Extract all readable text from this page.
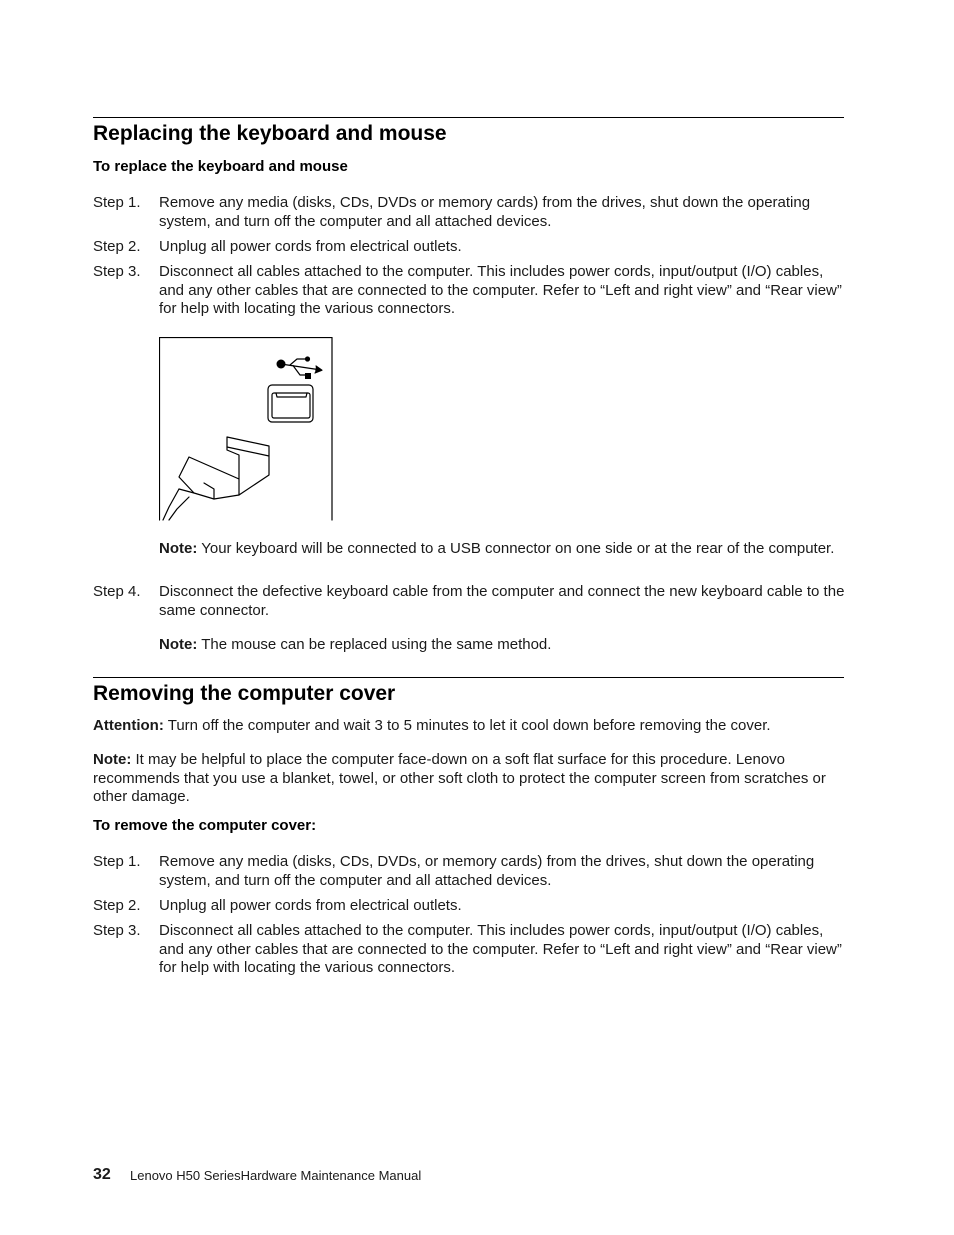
Replacing the keyboard and mouse
To replace the keyboard and mouse
Step 1. Remove any media (disks, CDs, DVDs or memory cards) from the drives, shut down the operating system, and turn off the computer and all attached devices.

Step 2. Unplug all power cords from electrical outlets.

Step 3. Disconnect all cables attached to the computer. This includes power cords, input/output (I/O) cables, and any other cables that are connected to the computer. Refer to “Left and right view” and “Rear view” for help with locating the various connectors.

Note: Your keyboard will be connected to a USB connector on one side or at the rear of the computer.

Step 4. Disconnect the defective keyboard cable from the computer and connect the new keyboard cable to the same connector.

Note: The mouse can be replaced using the same method.

Removing the computer cover

Attention: Turn off the computer and wait 3 to 5 minutes to let it cool down before removing the cover.

Note: It may be helpful to place the computer face-down on a soft flat surface for this procedure. Lenovo recommends that you use a blanket, towel, or other soft cloth to protect the computer screen from scratches or other damage.

To remove the computer cover:
Step 1. Remove any media (disks, CDs, DVDs, or memory cards) from the drives, shut down the operating system, and turn off the computer and all attached devices.

Step 2. Unplug all power cords from electrical outlets.

Step 3. Disconnect all cables attached to the computer. This includes power cords, input/output (I/O) cables, and any other cables that are connected to the computer. Refer to “Left and right view” and “Rear view” for help with locating the various connectors.

32 Lenovo H50 SeriesHardware Maintenance Manual
